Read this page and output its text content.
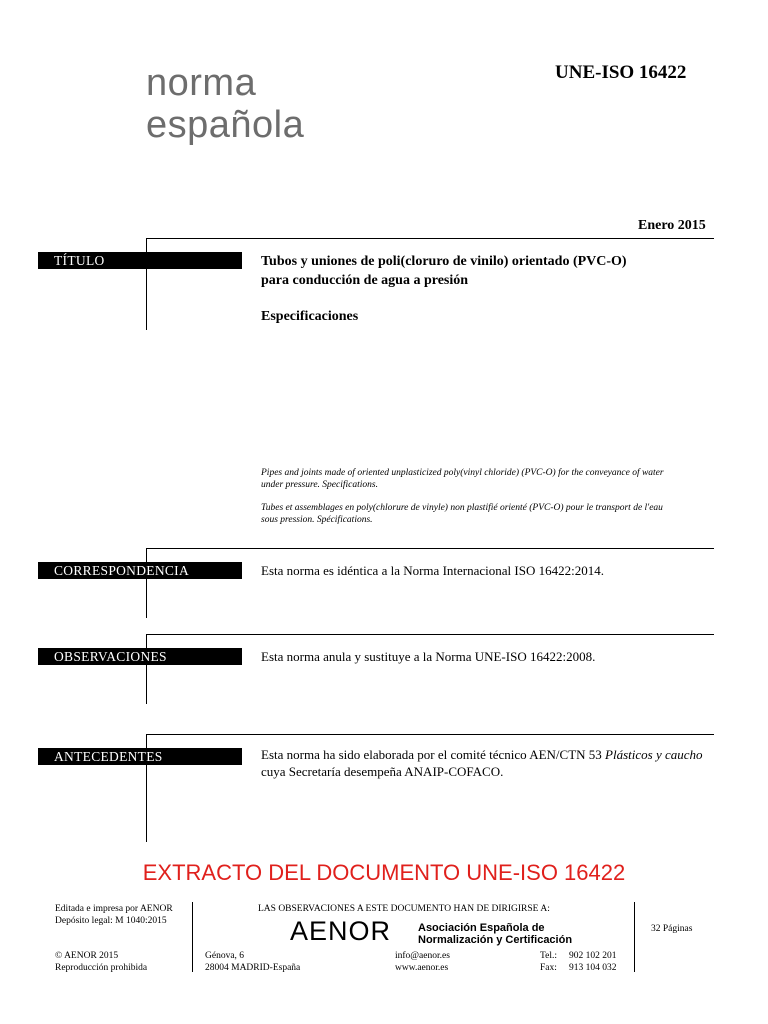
norma
española
UNE-ISO 16422
Enero 2015
TÍTULO	Tubos y uniones de poli(cloruro de vinilo) orientado (PVC-O)
para conducción de agua a presión
Especificaciones
Pipes and joints made of oriented unplasticized poly(vinyl chloride) (PVC-O) for the conveyance of water
under pressure. Specifications.
Tubes et assemblages en poly(chlorure de vinyle) non plastifié orienté (PVC-O) pour le transport de l'eau
sous pression. Spécifications.
CORRESPONDENCIA	Esta norma es idéntica a la Norma Internacional ISO 16422:2014.
OBSERVACIONES	Esta norma anula y sustituye a la Norma UNE-ISO 16422:2008.
ANTECEDENTES	Esta norma ha sido elaborada por el comité técnico AEN/CTN 53 Plásticos y caucho
cuya Secretaría desempeña ANAIP-COFACO.
EXTRACTO DEL DOCUMENTO UNE-ISO 16422
Editada e impresa por AENOR
Depósito legal: M 1040:2015
LAS OBSERVACIONES A ESTE DOCUMENTO HAN DE DIRIGIRSE A:
AENOR Asociación Española de
Normalización y Certificación
32 Páginas
© AENOR 2015
Reproducción prohibida
Génova, 6
28004 MADRID-España
info@aenor.es
www.aenor.es
Tel.: 902 102 201
Fax: 913 104 032
